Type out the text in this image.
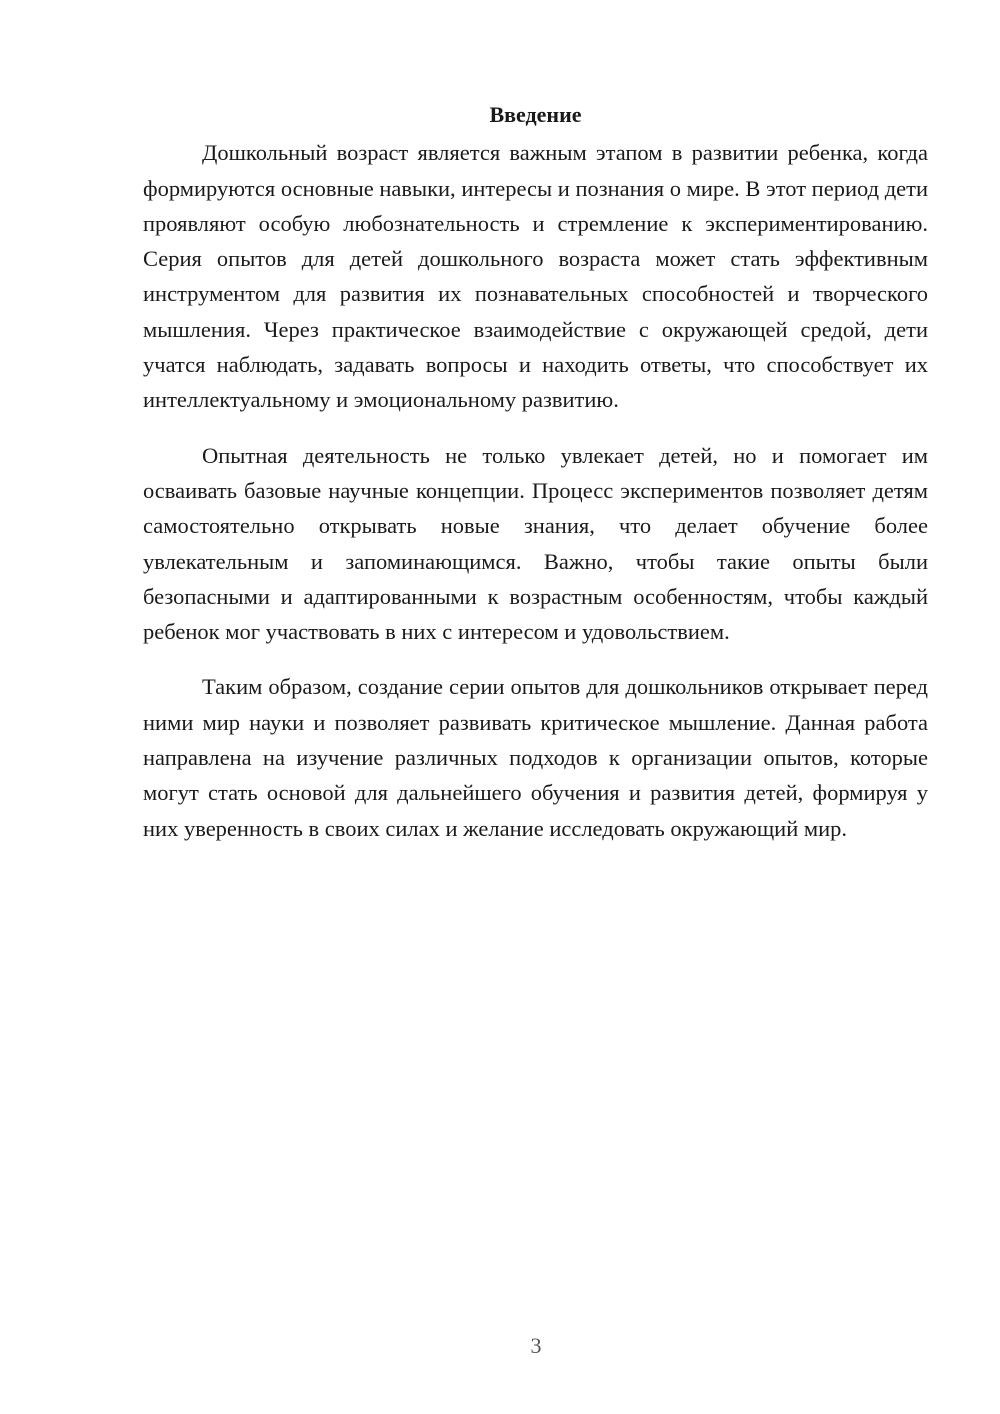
Введение

Дошкольный возраст является важным этапом в развитии ребенка, когда формируются основные навыки, интересы и познания о мире. В этот период дети проявляют особую любознательность и стремление к экспериментированию. Серия опытов для детей дошкольного возраста может стать эффективным инструментом для развития их познавательных способностей и творческого мышления. Через практическое взаимодействие с окружающей средой, дети учатся наблюдать, задавать вопросы и находить ответы, что способствует их интеллектуальному и эмоциональному развитию.

Опытная деятельность не только увлекает детей, но и помогает им осваивать базовые научные концепции. Процесс экспериментов позволяет детям самостоятельно открывать новые знания, что делает обучение более увлекательным и запоминающимся. Важно, чтобы такие опыты были безопасными и адаптированными к возрастным особенностям, чтобы каждый ребенок мог участвовать в них с интересом и удовольствием.

Таким образом, создание серии опытов для дошкольников открывает перед ними мир науки и позволяет развивать критическое мышление. Данная работа направлена на изучение различных подходов к организации опытов, которые могут стать основой для дальнейшего обучения и развития детей, формируя у них уверенность в своих силах и желание исследовать окружающий мир.

3
